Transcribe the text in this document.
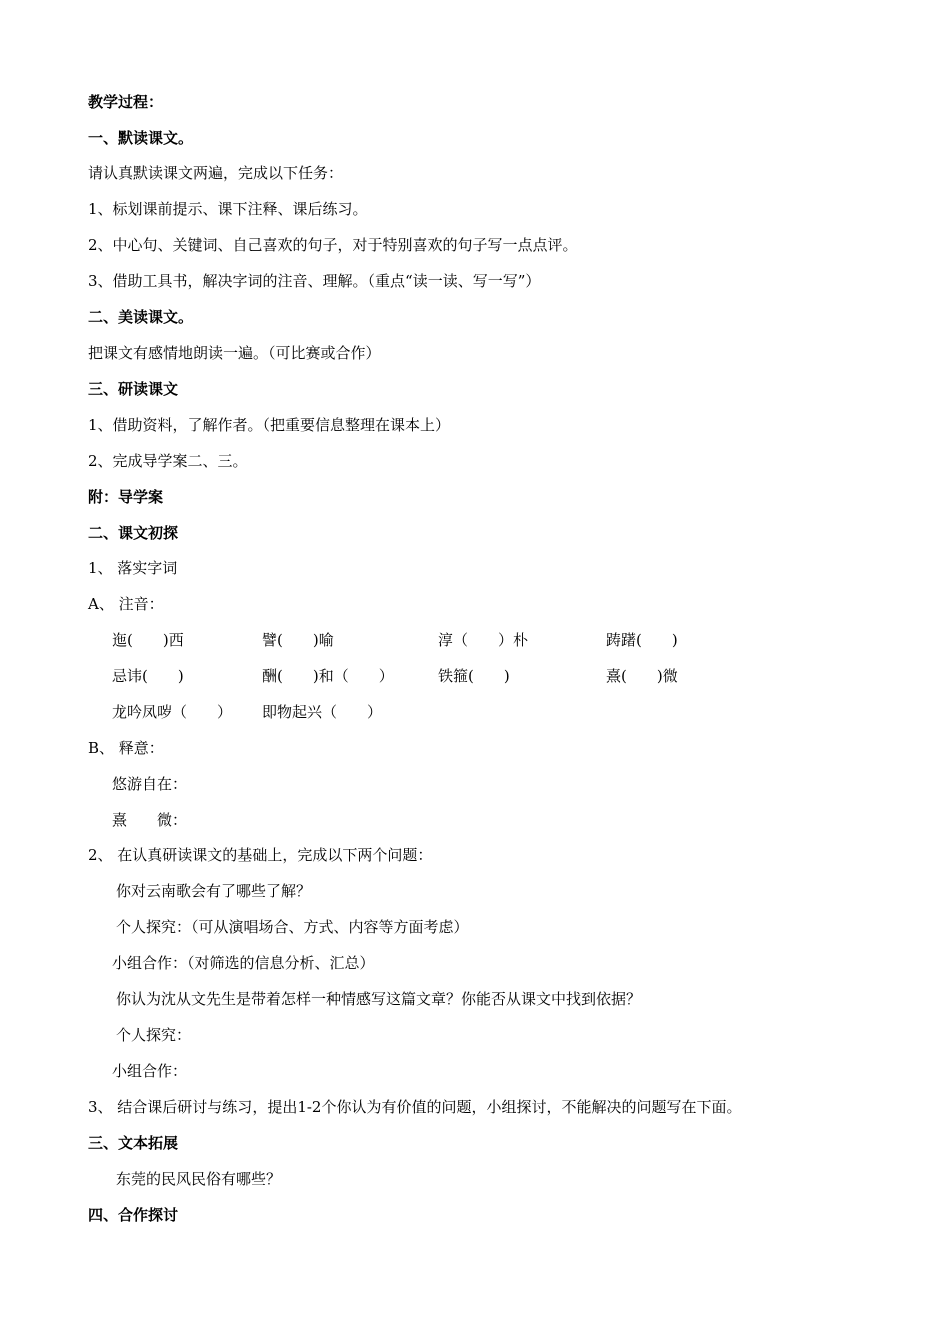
教学过程：
一、默读课文。
请认真默读课文两遍，完成以下任务：
1、标划课前提示、课下注释、课后练习。
2、中心句、关键词、自己喜欢的句子，对于特别喜欢的句子写一点点评。
3、借助工具书，解决字词的注音、理解。（重点“读一读、写一写”）
二、美读课文。
把课文有感情地朗读一遍。（可比赛或合作）
三、研读课文
1、借助资料，了解作者。（把重要信息整理在课本上）
2、完成导学案二、三。
附：导学案
二、课文初探
1、 落实字词
A、 注音：
迤(　　)西	譬(　　)喻	淳（　　）朴	踌躇(　　)
忌讳(　　)	酬(　　)和（　　）	铁箍(　　)	熹(　　)微
龙吟凤哕（　　） 即物起兴（　　）
B、 释意：
悠游自在：
熹　　微：
2、 在认真研读课文的基础上，完成以下两个问题：
你对云南歌会有了哪些了解？
个人探究：（可从演唱场合、方式、内容等方面考虑）
小组合作：（对筛选的信息分析、汇总）
你认为沈从文先生是带着怎样一种情感写这篇文章？你能否从课文中找到依据？
个人探究：
小组合作：
3、 结合课后研讨与练习，提出1-2个你认为有价值的问题，小组探讨，不能解决的问题写在下面。
三、文本拓展
东莞的民风民俗有哪些？
四、合作探讨
